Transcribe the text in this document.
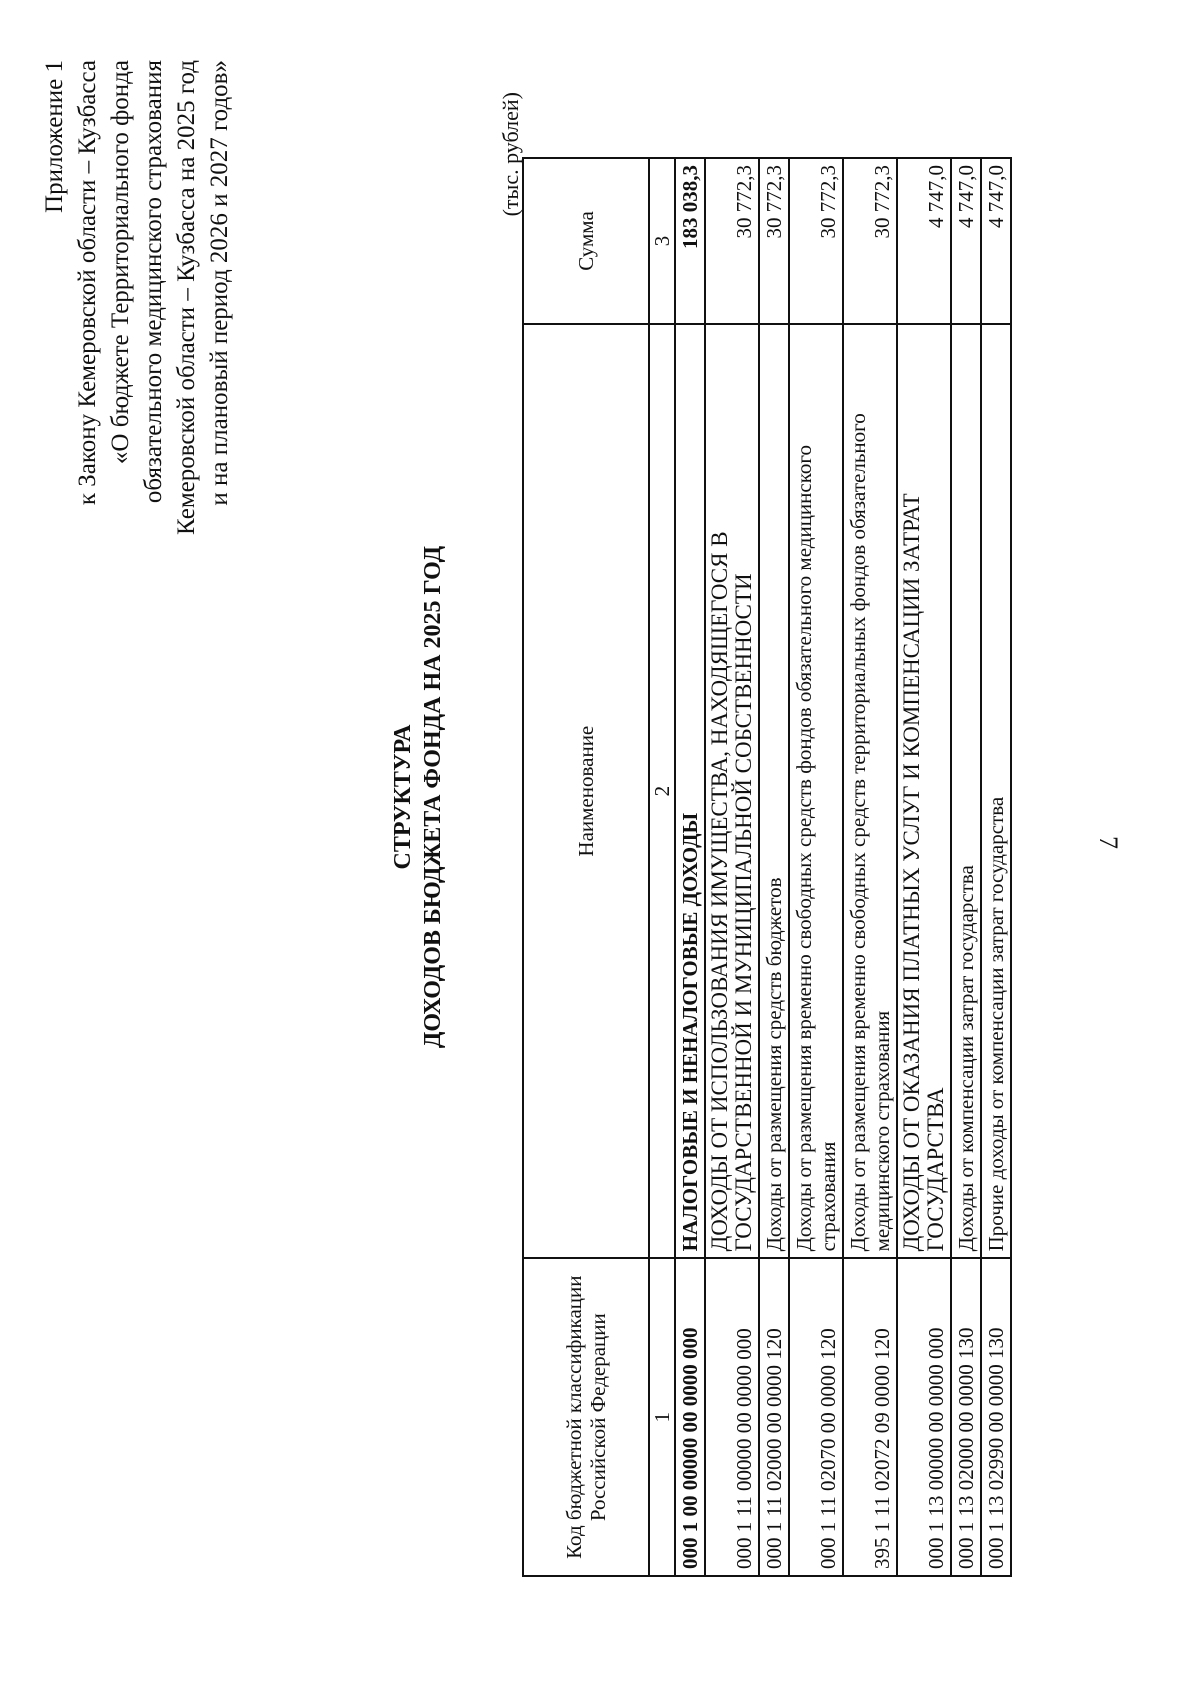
Приложение 1 к Закону Кемеровской области – Кузбасса «О бюджете Территориального фонда обязательного медицинского страхования Кемеровской области – Кузбасса на 2025 год и на плановый период 2026 и 2027 годов»
СТРУКТУРА ДОХОДОВ БЮДЖЕТА ФОНДА НА 2025 ГОД
(тыс. рублей)
Код бюджетной классификации Российской Федерации	Наименование	Сумма
1	2	3
000 1 00 00000 00 0000 000	НАЛОГОВЫЕ И НЕНАЛОГОВЫЕ ДОХОДЫ	183 038,3
000 1 11 00000 00 0000 000	ДОХОДЫ ОТ ИСПОЛЬЗОВАНИЯ ИМУЩЕСТВА, НАХОДЯЩЕГОСЯ В ГОСУДАРСТВЕННОЙ И МУНИЦИПАЛЬНОЙ СОБСТВЕННОСТИ	30 772,3
000 1 11 02000 00 0000 120	Доходы от размещения средств бюджетов	30 772,3
000 1 11 02070 00 0000 120	Доходы от размещения временно свободных средств фондов обязательного медицинского страхования	30 772,3
395 1 11 02072 09 0000 120	Доходы от размещения временно свободных средств территориальных фондов обязательного медицинского страхования	30 772,3
000 1 13 00000 00 0000 000	ДОХОДЫ ОТ ОКАЗАНИЯ ПЛАТНЫХ УСЛУГ И КОМПЕНСАЦИИ ЗАТРАТ ГОСУДАРСТВА	4 747,0
000 1 13 02000 00 0000 130	Доходы от компенсации затрат государства	4 747,0
000 1 13 02990 00 0000 130	Прочие доходы от компенсации затрат государства	4 747,0
7
